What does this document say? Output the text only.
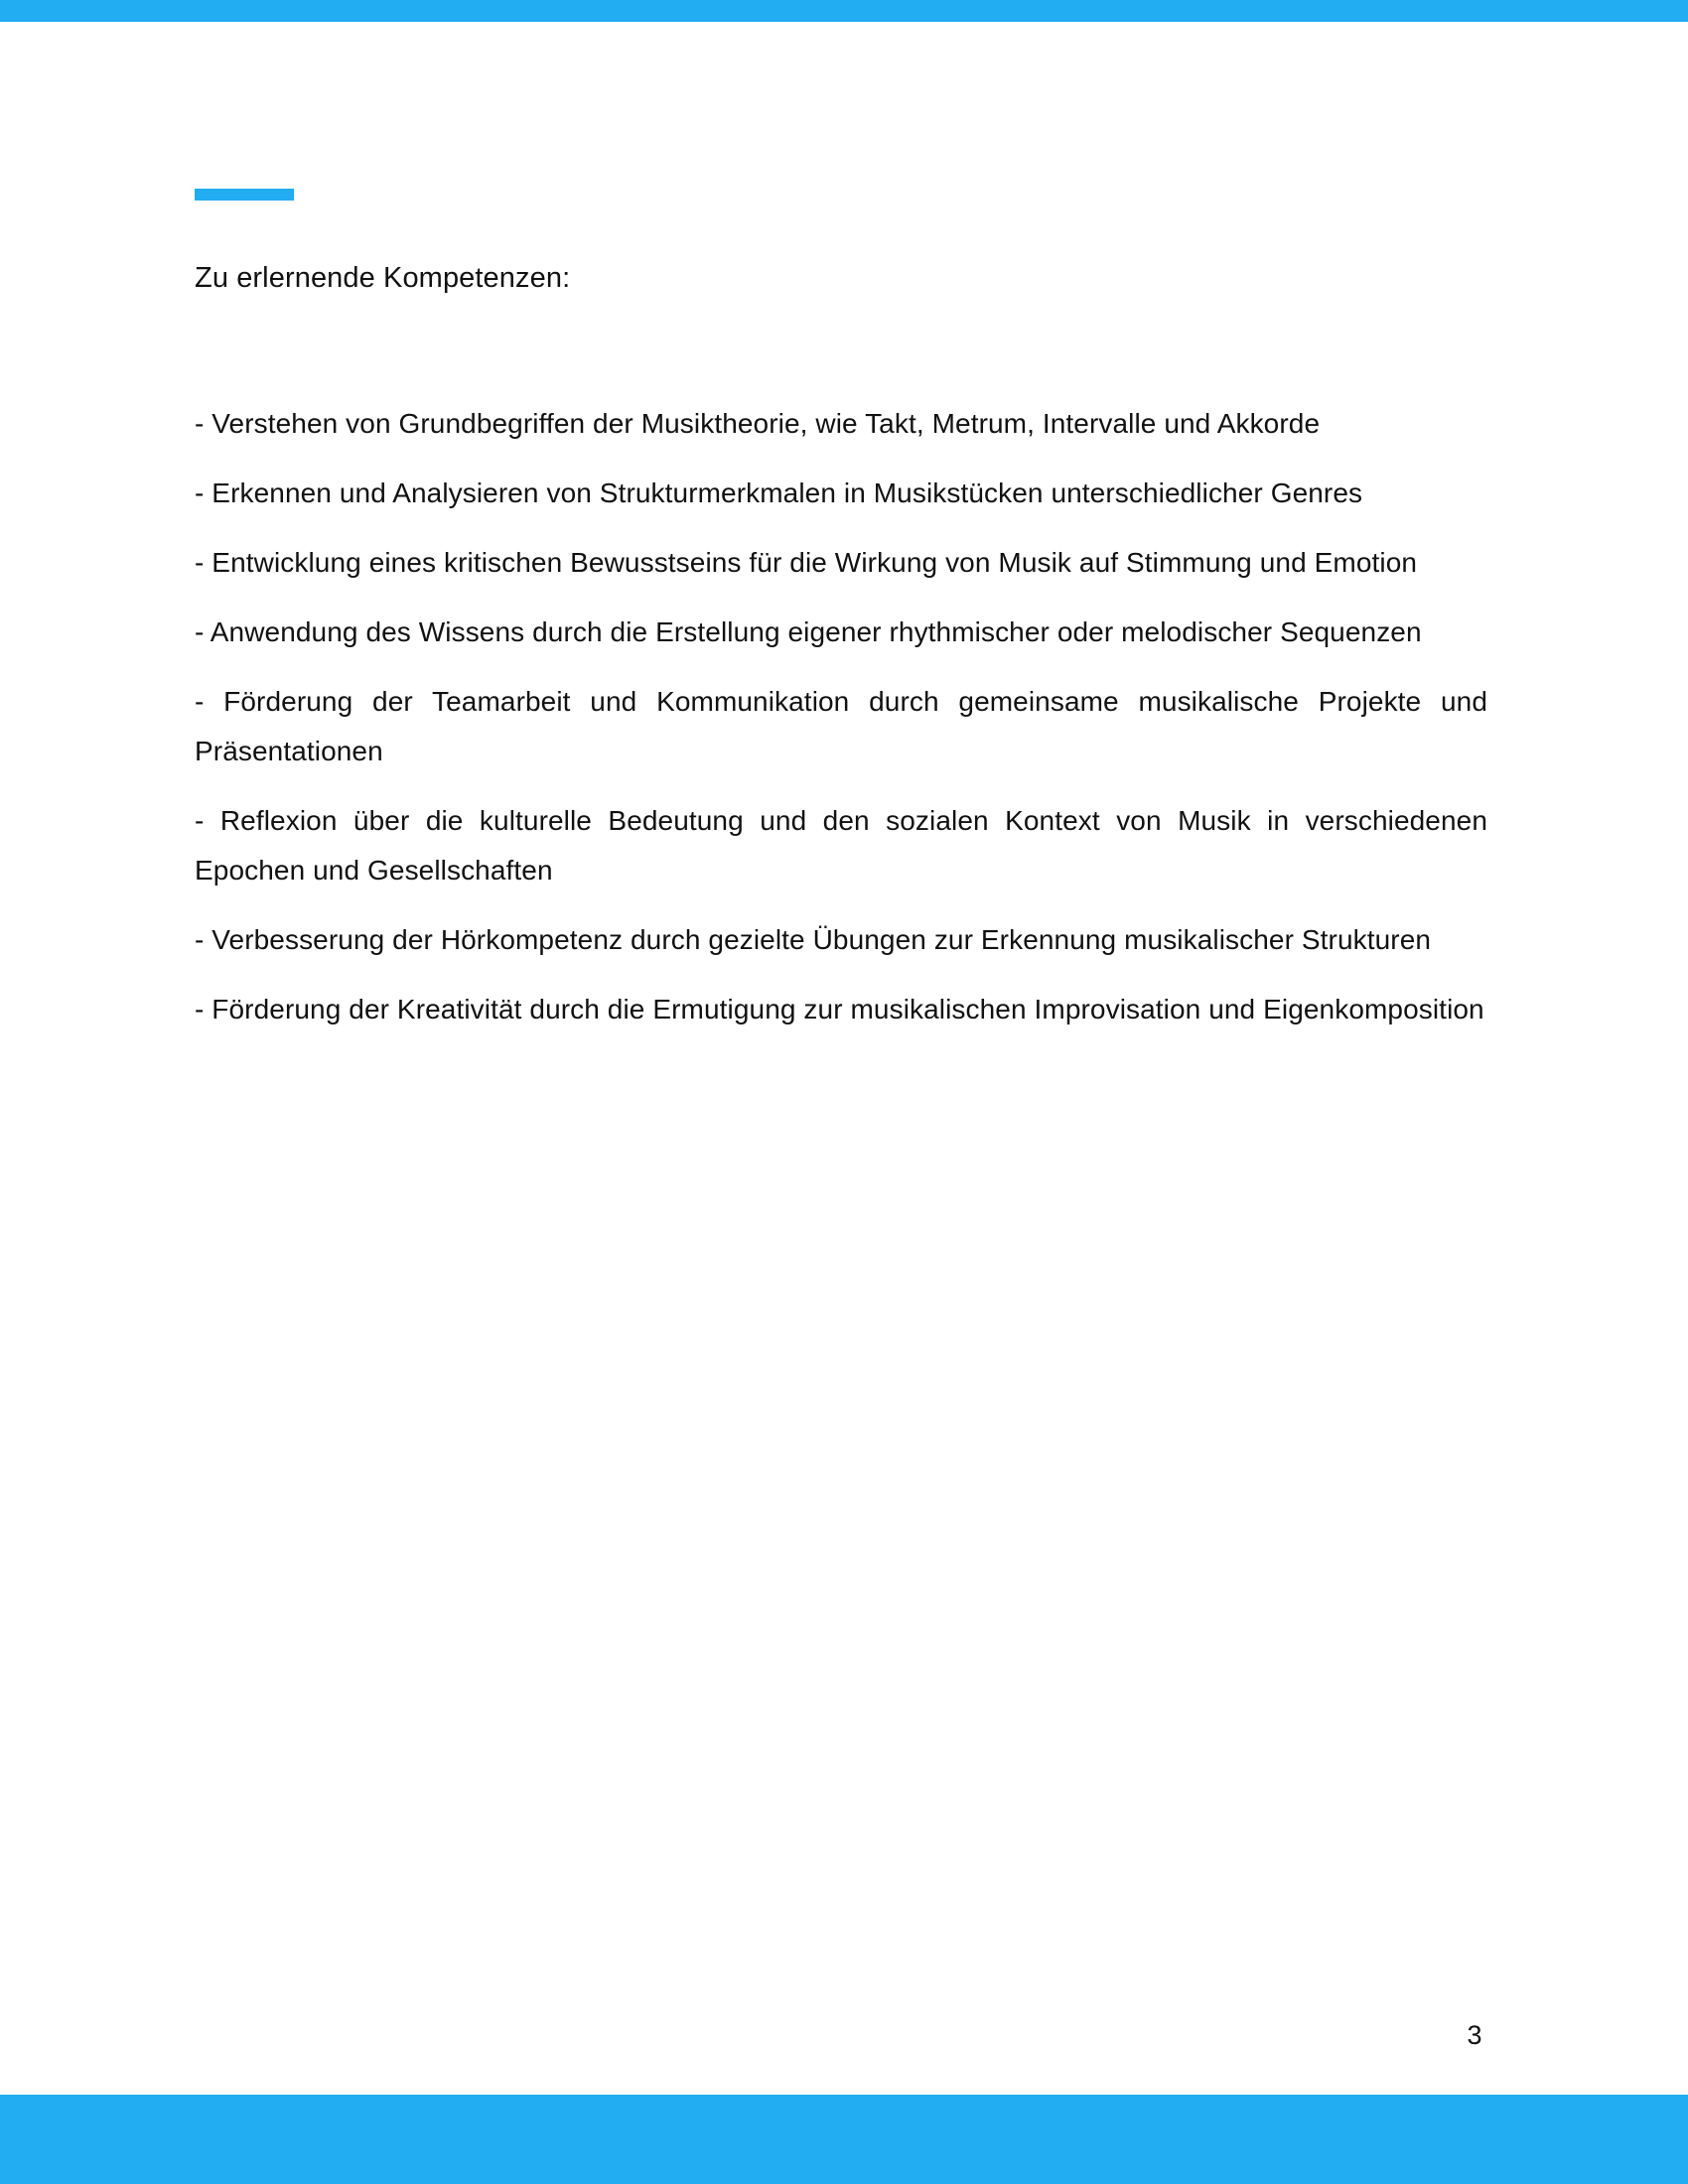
Zu erlernende Kompetenzen:

- Verstehen von Grundbegriffen der Musiktheorie, wie Takt, Metrum, Intervalle und Akkorde

- Erkennen und Analysieren von Strukturmerkmalen in Musikstücken unterschiedlicher Genres

- Entwicklung eines kritischen Bewusstseins für die Wirkung von Musik auf Stimmung und Emotion

- Anwendung des Wissens durch die Erstellung eigener rhythmischer oder melodischer Sequenzen

- Förderung der Teamarbeit und Kommunikation durch gemeinsame musikalische Projekte und Präsentationen

- Reflexion über die kulturelle Bedeutung und den sozialen Kontext von Musik in verschiedenen Epochen und Gesellschaften

- Verbesserung der Hörkompetenz durch gezielte Übungen zur Erkennung musikalischer Strukturen

- Förderung der Kreativität durch die Ermutigung zur musikalischen Improvisation und Eigenkomposition

3
